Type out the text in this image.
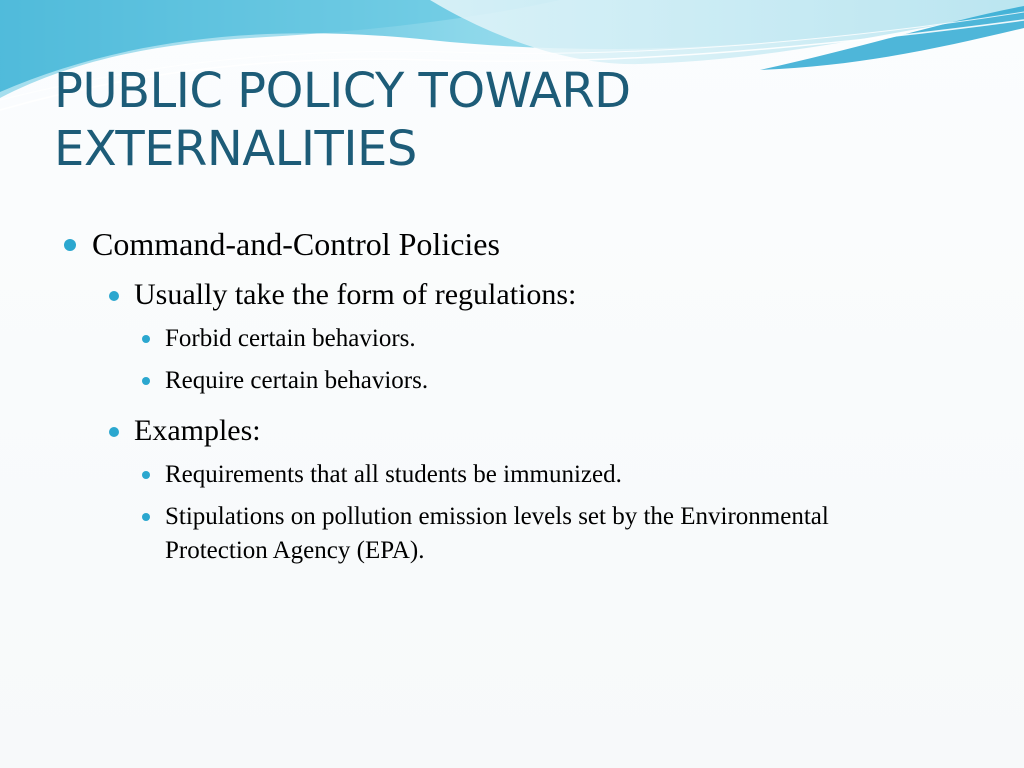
PUBLIC POLICY TOWARD
EXTERNALITIES
Command-and-Control Policies
Usually take the form of regulations:
Forbid certain behaviors.
Require certain behaviors.
Examples:
Requirements that all students be immunized.
Stipulations on pollution emission levels set by the Environmental Protection Agency (EPA).
